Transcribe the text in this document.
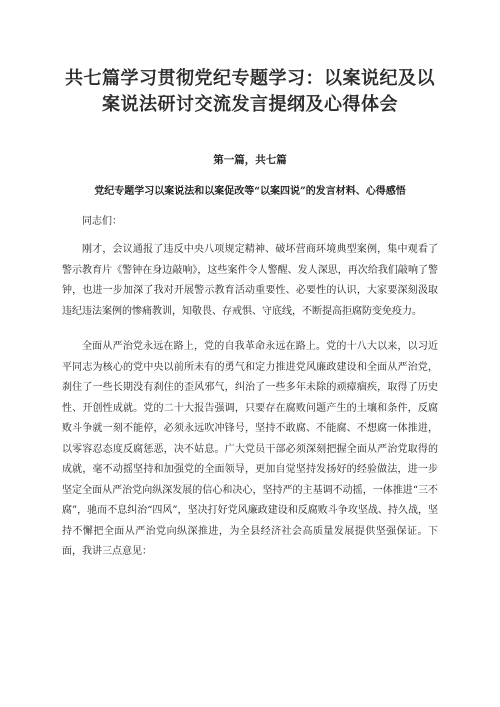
共七篇学习贯彻党纪专题学习：以案说纪及以案说法研讨交流发言提纲及心得体会
第一篇，共七篇
党纪专题学习以案说法和以案促改等“以案四说”的发言材料、心得感悟
同志们：

刚才，会议通报了违反中央八项规定精神、破坏营商环境典型案例，集中观看了警示教育片《警钟在身边敲响》，这些案件令人警醒、发人深思，再次给我们敲响了警钟，也进一步加深了我对开展警示教育活动重要性、必要性的认识，大家要深刻汲取违纪违法案例的惨痛教训，知敬畏、存戒惧、守底线，不断提高拒腐防变免疫力。

全面从严治党永远在路上，党的自我革命永远在路上。党的十八大以来，以习近平同志为核心的党中央以前所未有的勇气和定力推进党风廉政建设和全面从严治党，刹住了一些长期没有刹住的歪风邪气，纠治了一些多年未除的顽瘴痼疾，取得了历史性、开创性成就。党的二十大报告强调，只要存在腐败问题产生的土壤和条件，反腐败斗争就一刻不能停，必须永远吹冲锋号，坚持不敢腐、不能腐、不想腐一体推进，以零容忍态度反腐惩恶，决不姑息。广大党员干部必须深刻把握全面从严治党取得的成就，毫不动摇坚持和加强党的全面领导，更加自觉坚持发扬好的经验做法，进一步坚定全面从严治党向纵深发展的信心和决心，坚持严的主基调不动摇，一体推进“三不腐”，驰而不息纠治“四风”，坚决打好党风廉政建设和反腐败斗争攻坚战、持久战，坚持不懈把全面从严治党向纵深推进，为全县经济社会高质量发展提供坚强保证。下面，我讲三点意见：
